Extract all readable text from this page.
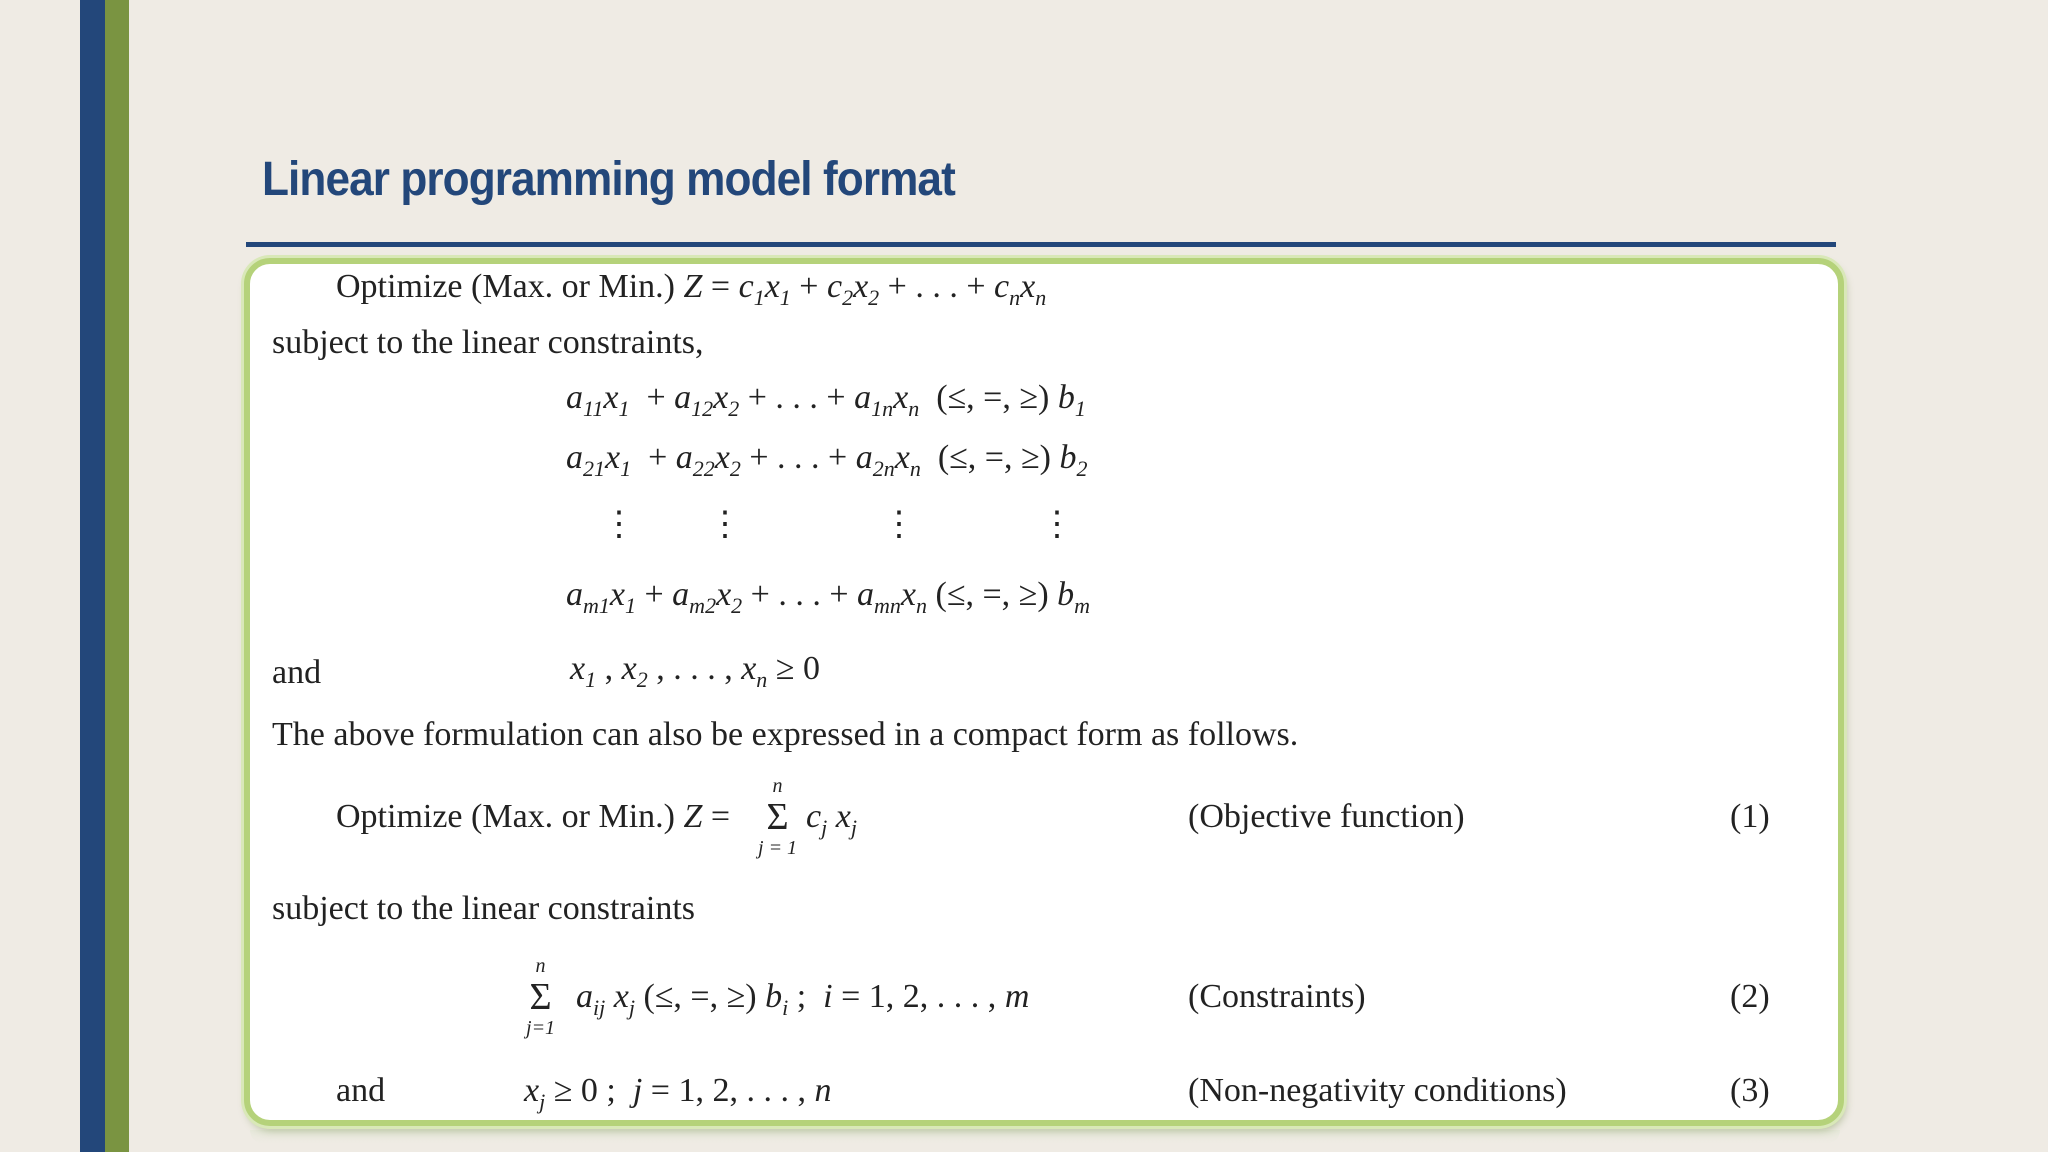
Linear programming model format
Optimize (Max. or Min.) $Z = c_1x_1 + c_2x_2$ + . . . + $c_nx_n$
subject to the linear constraints,
$a_{11}x_1 + a_{12}x_2$ + . . . + $a_{1n}x_n$ (≤, =, ≥) $b_1$
$a_{21}x_1 + a_{22}x_2$ + . . . + $a_{2n}x_n$ (≤, =, ≥) $b_2$
⋮ ⋮	⋮	⋮
$a_{m1}x_1 + a_{m2}x_2$ + . . . + $a_{mn}x_n$ (≤, =, ≥) $b_m$
and	$x_1$ , $x_2$ , . . . , $x_n \ge 0$
The above formulation can also be expressed in a compact form as follows.
Optimize (Max. or Min.) Z =
n
Σ
j = 1
$c_j$ $x_j$	(Objective function)	(1)
subject to the linear constraints
n
Σ
j=1
$a_{ij}$ $x_j$ (≤, =, ≥) $b_i$ ;  i = 1, 2, . . . , m	(Constraints)	(2)
and	$x_j \ge 0$ ;  j = 1, 2, . . . , n	(Non-negativity conditions)	(3)
